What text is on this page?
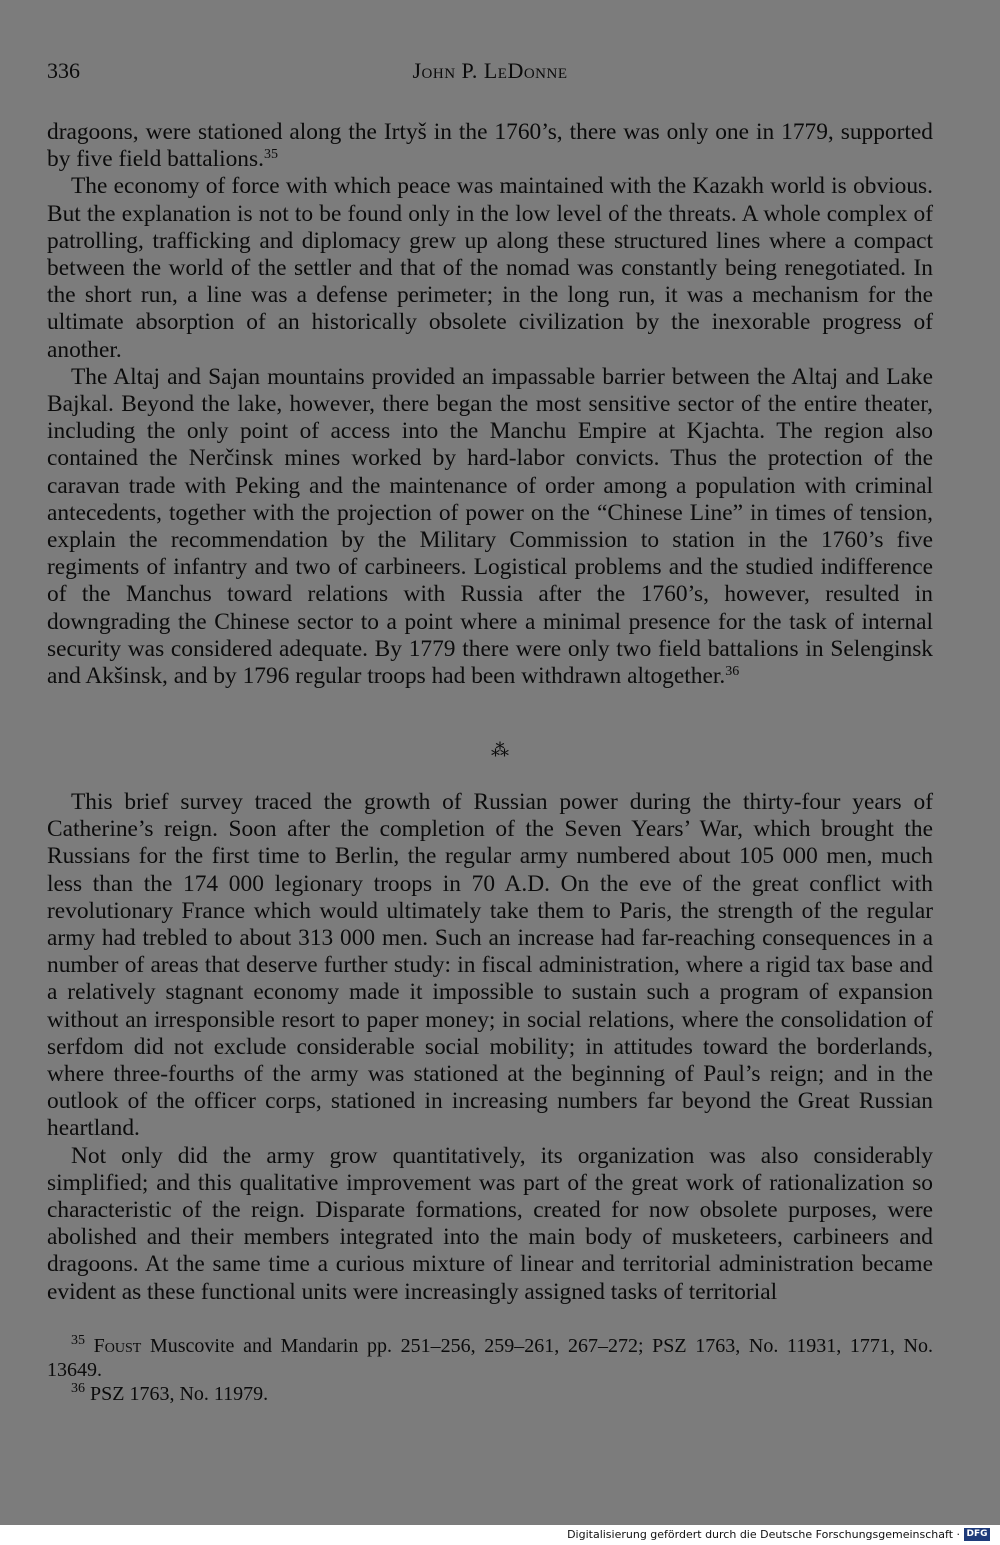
336	John P. LeDonne

dragoons, were stationed along the Irtyš in the 1760’s, there was only one in 1779, supported by five field battalions.$^{35}$

The economy of force with which peace was maintained with the Kazakh world is obvious. But the explanation is not to be found only in the low level of the threats. A whole complex of patrolling, trafficking and diplomacy grew up along these structured lines where a compact between the world of the settler and that of the nomad was constantly being renegotiated. In the short run, a line was a defense perimeter; in the long run, it was a mechanism for the ultimate absorption of an historically obsolete civilization by the inexorable progress of another.

The Altaj and Sajan mountains provided an impassable barrier between the Altaj and Lake Bajkal. Beyond the lake, however, there began the most sensitive sector of the entire theater, including the only point of access into the Manchu Empire at Kjachta. The region also contained the Nerčinsk mines worked by hard-labor convicts. Thus the protection of the caravan trade with Peking and the maintenance of order among a population with criminal antecedents, together with the projection of power on the “Chinese Line” in times of tension, explain the recommendation by the Military Commission to station in the 1760’s five regiments of infantry and two of carbineers. Logistical problems and the studied indifference of the Manchus toward relations with Russia after the 1760’s, however, resulted in downgrading the Chinese sector to a point where a minimal presence for the task of internal security was considered adequate. By 1779 there were only two field battalions in Selenginsk and Akšinsk, and by 1796 regular troops had been withdrawn altogether.$^{36}$

⁂

This brief survey traced the growth of Russian power during the thirty-four years of Catherine’s reign. Soon after the completion of the Seven Years’ War, which brought the Russians for the first time to Berlin, the regular army numbered about 105 000 men, much less than the 174 000 legionary troops in 70 A.D. On the eve of the great conflict with revolutionary France which would ultimately take them to Paris, the strength of the regular army had trebled to about 313 000 men. Such an increase had far-reaching consequences in a number of areas that deserve further study: in fiscal administration, where a rigid tax base and a relatively stagnant economy made it impossible to sustain such a program of expansion without an irresponsible resort to paper money; in social relations, where the consolidation of serfdom did not exclude considerable social mobility; in attitudes toward the borderlands, where three-fourths of the army was stationed at the beginning of Paul’s reign; and in the outlook of the officer corps, stationed in increasing numbers far beyond the Great Russian heartland.

Not only did the army grow quantitatively, its organization was also considerably simplified; and this qualitative improvement was part of the great work of rationalization so characteristic of the reign. Disparate formations, created for now obsolete purposes, were abolished and their members integrated into the main body of musketeers, carbineers and dragoons. At the same time a curious mixture of linear and territorial administration became evident as these functional units were increasingly assigned tasks of territorial

$^{35}$ Foust Muscovite and Mandarin pp. 251–256, 259–261, 267–272; PSZ 1763, No. 11931, 1771, No. 13649.

$^{36}$ PSZ 1763, No. 11979.

Digitalisierung gefördert durch die Deutsche Forschungsgemeinschaft · DFG
